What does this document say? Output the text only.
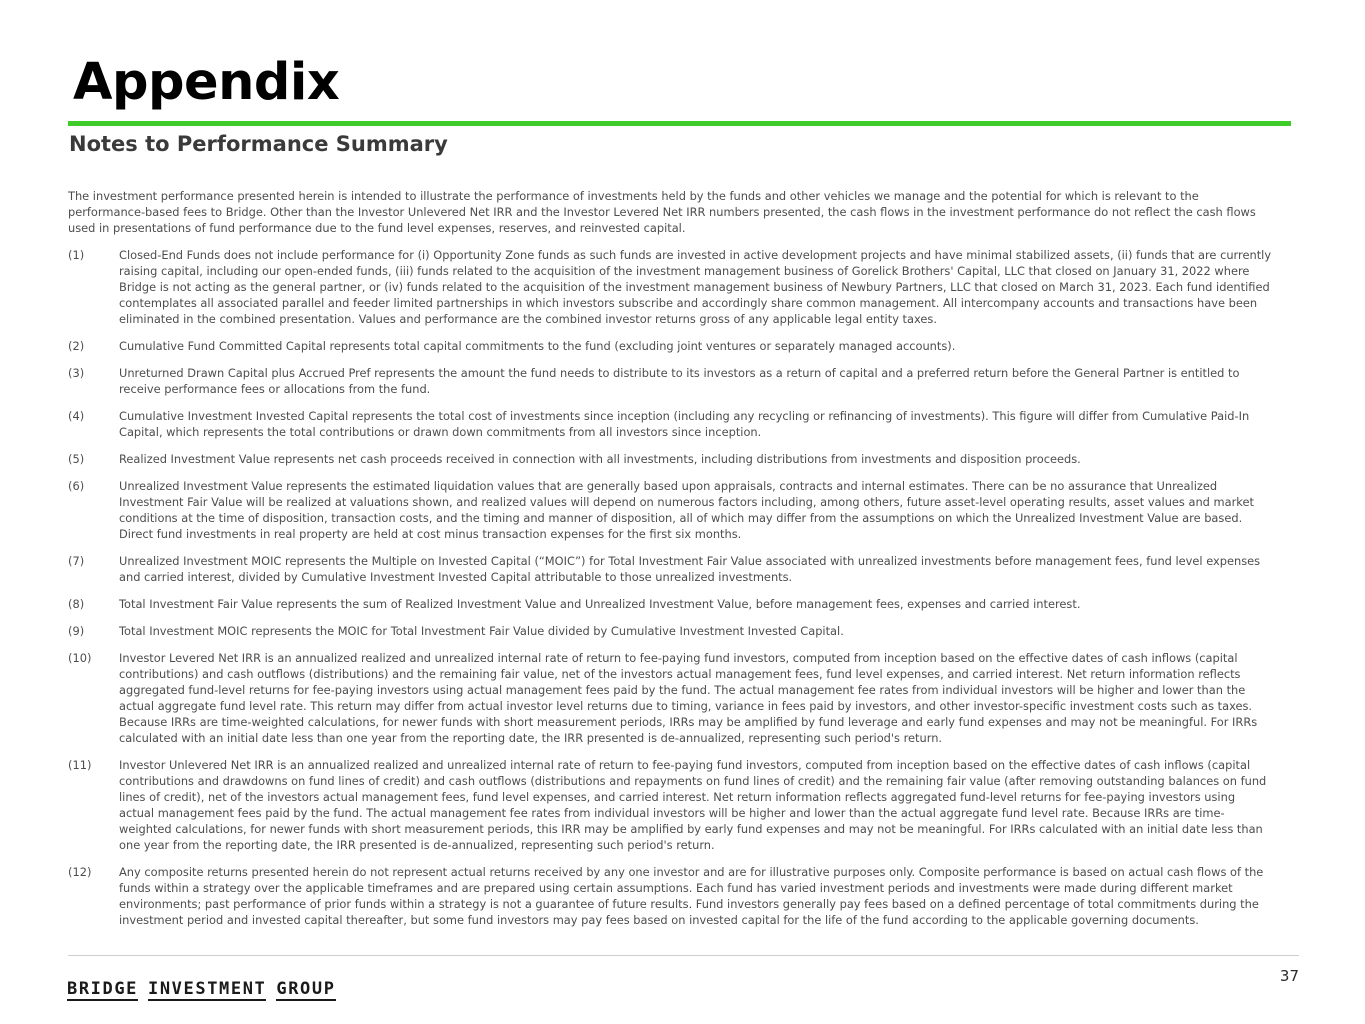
Appendix
Notes to Performance Summary

The investment performance presented herein is intended to illustrate the performance of investments held by the funds and other vehicles we manage and the potential for which is relevant to the performance-based fees to Bridge. Other than the Investor Unlevered Net IRR and the Investor Levered Net IRR numbers presented, the cash flows in the investment performance do not reflect the cash flows used in presentations of fund performance due to the fund level expenses, reserves, and reinvested capital.

(1)	Closed-End Funds does not include performance for (i) Opportunity Zone funds as such funds are invested in active development projects and have minimal stabilized assets, (ii) funds that are currently raising capital, including our open-ended funds, (iii) funds related to the acquisition of the investment management business of Gorelick Brothers' Capital, LLC that closed on January 31, 2022 where Bridge is not acting as the general partner, or (iv) funds related to the acquisition of the investment management business of Newbury Partners, LLC that closed on March 31, 2023. Each fund identified contemplates all associated parallel and feeder limited partnerships in which investors subscribe and accordingly share common management. All intercompany accounts and transactions have been eliminated in the combined presentation. Values and performance are the combined investor returns gross of any applicable legal entity taxes.
(2)	Cumulative Fund Committed Capital represents total capital commitments to the fund (excluding joint ventures or separately managed accounts).
(3)	Unreturned Drawn Capital plus Accrued Pref represents the amount the fund needs to distribute to its investors as a return of capital and a preferred return before the General Partner is entitled to receive performance fees or allocations from the fund.
(4)	Cumulative Investment Invested Capital represents the total cost of investments since inception (including any recycling or refinancing of investments). This figure will differ from Cumulative Paid-In Capital, which represents the total contributions or drawn down commitments from all investors since inception.
(5)	Realized Investment Value represents net cash proceeds received in connection with all investments, including distributions from investments and disposition proceeds.
(6)	Unrealized Investment Value represents the estimated liquidation values that are generally based upon appraisals, contracts and internal estimates. There can be no assurance that Unrealized Investment Fair Value will be realized at valuations shown, and realized values will depend on numerous factors including, among others, future asset-level operating results, asset values and market conditions at the time of disposition, transaction costs, and the timing and manner of disposition, all of which may differ from the assumptions on which the Unrealized Investment Value are based. Direct fund investments in real property are held at cost minus transaction expenses for the first six months.
(7)	Unrealized Investment MOIC represents the Multiple on Invested Capital (“MOIC”) for Total Investment Fair Value associated with unrealized investments before management fees, fund level expenses and carried interest, divided by Cumulative Investment Invested Capital attributable to those unrealized investments.
(8)	Total Investment Fair Value represents the sum of Realized Investment Value and Unrealized Investment Value, before management fees, expenses and carried interest.
(9)	Total Investment MOIC represents the MOIC for Total Investment Fair Value divided by Cumulative Investment Invested Capital.
(10)	Investor Levered Net IRR is an annualized realized and unrealized internal rate of return to fee-paying fund investors, computed from inception based on the effective dates of cash inflows (capital contributions) and cash outflows (distributions) and the remaining fair value, net of the investors actual management fees, fund level expenses, and carried interest. Net return information reflects aggregated fund-level returns for fee-paying investors using actual management fees paid by the fund. The actual management fee rates from individual investors will be higher and lower than the actual aggregate fund level rate. This return may differ from actual investor level returns due to timing, variance in fees paid by investors, and other investor-specific investment costs such as taxes. Because IRRs are time-weighted calculations, for newer funds with short measurement periods, IRRs may be amplified by fund leverage and early fund expenses and may not be meaningful. For IRRs calculated with an initial date less than one year from the reporting date, the IRR presented is de-annualized, representing such period's return.
(11)	Investor Unlevered Net IRR is an annualized realized and unrealized internal rate of return to fee-paying fund investors, computed from inception based on the effective dates of cash inflows (capital contributions and drawdowns on fund lines of credit) and cash outflows (distributions and repayments on fund lines of credit) and the remaining fair value (after removing outstanding balances on fund lines of credit), net of the investors actual management fees, fund level expenses, and carried interest. Net return information reflects aggregated fund-level returns for fee-paying investors using actual management fees paid by the fund. The actual management fee rates from individual investors will be higher and lower than the actual aggregate fund level rate. Because IRRs are time-weighted calculations, for newer funds with short measurement periods, this IRR may be amplified by early fund expenses and may not be meaningful. For IRRs calculated with an initial date less than one year from the reporting date, the IRR presented is de-annualized, representing such period's return.
(12)	Any composite returns presented herein do not represent actual returns received by any one investor and are for illustrative purposes only. Composite performance is based on actual cash flows of the funds within a strategy over the applicable timeframes and are prepared using certain assumptions. Each fund has varied investment periods and investments were made during different market environments; past performance of prior funds within a strategy is not a guarantee of future results. Fund investors generally pay fees based on a defined percentage of total commitments during the investment period and invested capital thereafter, but some fund investors may pay fees based on invested capital for the life of the fund according to the applicable governing documents.
BRIDGE INVESTMENT GROUP
37
